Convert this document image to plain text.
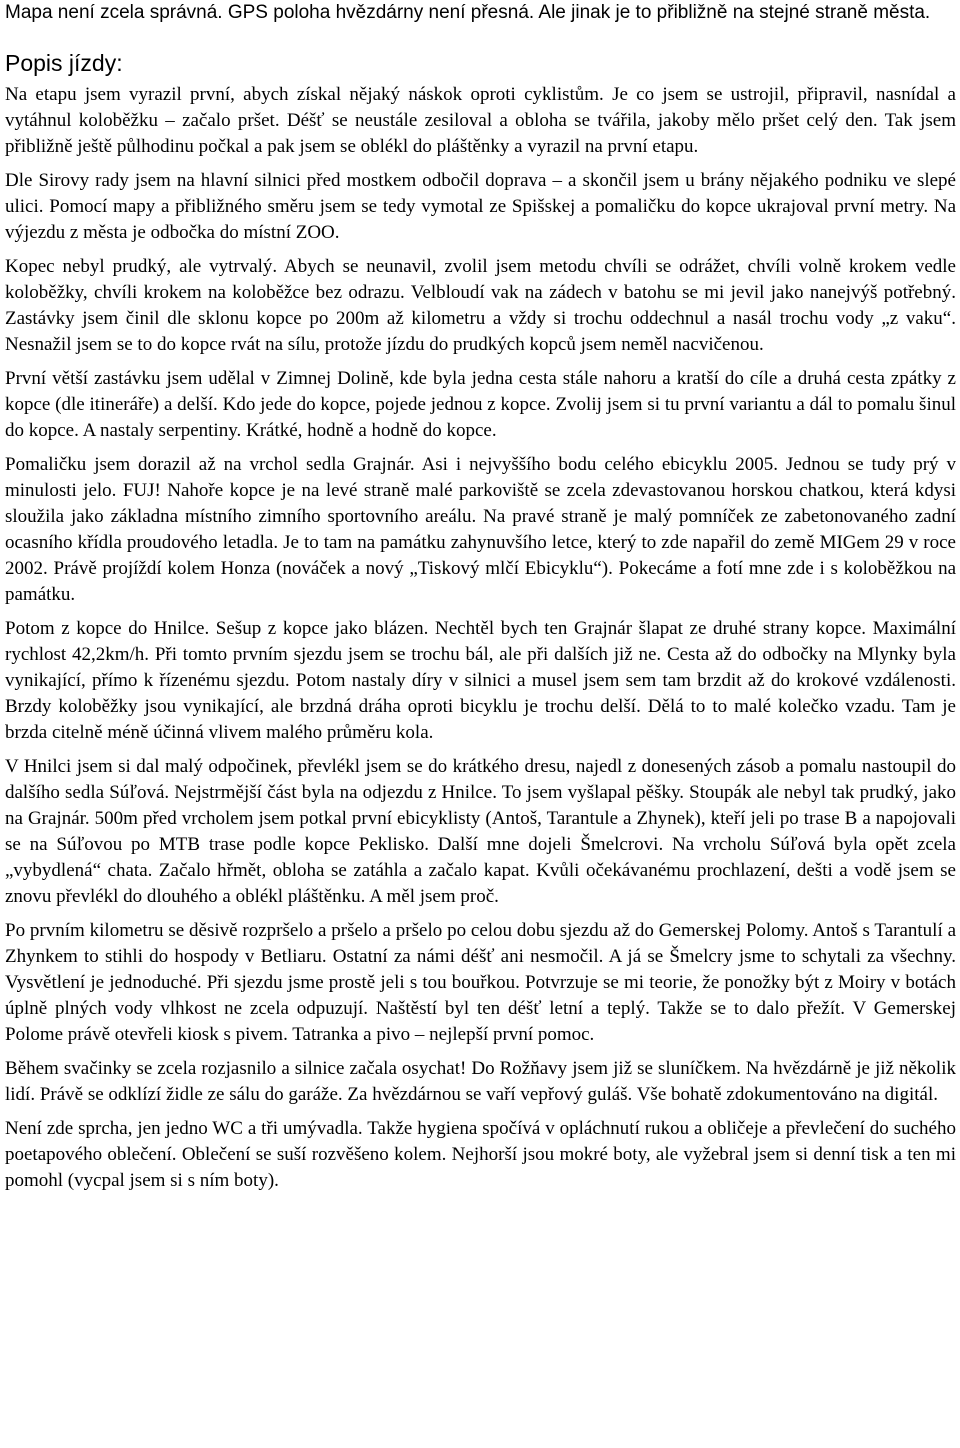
Mapa není zcela správná. GPS poloha hvězdárny není přesná. Ale jinak je to přibližně na stejné straně města.

Popis jízdy:

Na etapu jsem vyrazil první, abych získal nějaký náskok oproti cyklistům. Je co jsem se ustrojil, připravil, nasnídal a vytáhnul koloběžku – začalo pršet. Déšť se neustále zesiloval a obloha se tvářila, jakoby mělo pršet celý den. Tak jsem přibližně ještě půlhodinu počkal a pak jsem se oblékl do pláštěnky a vyrazil na první etapu.

Dle Sirovy rady jsem na hlavní silnici před mostkem odbočil doprava – a skončil jsem u brány nějakého podniku ve slepé ulici. Pomocí mapy a přibližného směru jsem se tedy vymotal ze Spišskej a pomaličku do kopce ukrajoval první metry. Na výjezdu z města je odbočka do místní ZOO.

Kopec nebyl prudký, ale vytrvalý. Abych se neunavil, zvolil jsem metodu chvíli se odrážet, chvíli volně krokem vedle koloběžky, chvíli krokem na koloběžce bez odrazu. Velbloudí vak na zádech v batohu se mi jevil jako nanejvýš potřebný. Zastávky jsem činil dle sklonu kopce po 200m až kilometru a vždy si trochu oddechnul a nasál trochu vody „z vaku“. Nesnažil jsem se to do kopce rvát na sílu, protože jízdu do prudkých kopců jsem neměl nacvičenou.

První větší zastávku jsem udělal v Zimnej Dolině, kde byla jedna cesta stále nahoru a kratší do cíle a druhá cesta zpátky z kopce (dle itineráře) a delší. Kdo jede do kopce, pojede jednou z kopce. Zvolij jsem si tu první variantu a dál to pomalu šinul do kopce. A nastaly serpentiny. Krátké, hodně a hodně do kopce.

Pomaličku jsem dorazil až na vrchol sedla Grajnár. Asi i nejvyššího bodu celého ebicyklu 2005. Jednou se tudy prý v minulosti jelo. FUJ! Nahoře kopce je na levé straně malé parkoviště se zcela zdevastovanou horskou chatkou, která kdysi sloužila jako základna místního zimního sportovního areálu. Na pravé straně je malý pomníček ze zabetonovaného zadní ocasního křídla proudového letadla. Je to tam na památku zahynuvšího letce, který to zde napařil do země MIGem 29 v roce 2002. Právě projíždí kolem Honza (nováček a nový „Tiskový mlčí Ebicyklu“). Pokecáme a fotí mne zde i s koloběžkou na památku.

Potom z kopce do Hnilce. Sešup z kopce jako blázen. Nechtěl bych ten Grajnár šlapat ze druhé strany kopce. Maximální rychlost 42,2km/h. Při tomto prvním sjezdu jsem se trochu bál, ale při dalších již ne. Cesta až do odbočky na Mlynky byla vynikající, přímo k řízenému sjezdu. Potom nastaly díry v silnici a musel jsem sem tam brzdit až do krokové vzdálenosti. Brzdy koloběžky jsou vynikající, ale brzdná dráha oproti bicyklu je trochu delší. Dělá to to malé kolečko vzadu. Tam je brzda citelně méně účinná vlivem malého průměru kola.

V Hnilci jsem si dal malý odpočinek, převlékl jsem se do krátkého dresu, najedl z donesených zásob a pomalu nastoupil do dalšího sedla Súľová. Nejstrmější část byla na odjezdu z Hnilce. To jsem vyšlapal pěšky. Stoupák ale nebyl tak prudký, jako na Grajnár. 500m před vrcholem jsem potkal první ebicyklisty (Antoš, Tarantule a Zhynek), kteří jeli po trase B a napojovali se na Súľovou po MTB trase podle kopce Peklisko. Další mne dojeli Šmelcrovi. Na vrcholu Súľová byla opět zcela „vybydlená“ chata. Začalo hřmět, obloha se zatáhla a začalo kapat. Kvůli očekávanému prochlazení, dešti a vodě jsem se znovu převlékl do dlouhého a oblékl pláštěnku. A měl jsem proč.

Po prvním kilometru se děsivě rozpršelo a pršelo a pršelo po celou dobu sjezdu až do Gemerskej Polomy. Antoš s Tarantulí a Zhynkem to stihli do hospody v Betliaru. Ostatní za námi déšť ani nesmočil. A já se Šmelcry jsme to schytali za všechny. Vysvětlení je jednoduché. Při sjezdu jsme prostě jeli s tou bouřkou. Potvrzuje se mi teorie, že ponožky být z Moiry v botách úplně plných vody vlhkost ne zcela odpuzují. Naštěstí byl ten déšť letní a teplý. Takže se to dalo přežít. V Gemerskej Polome právě otevřeli kiosk s pivem. Tatranka a pivo – nejlepší první pomoc.

Během svačinky se zcela rozjasnilo a silnice začala osychat! Do Rožňavy jsem již se sluníčkem. Na hvězdárně je již několik lidí. Právě se odklízí židle ze sálu do garáže. Za hvězdárnou se vaří vepřový guláš. Vše bohatě zdokumentováno na digitál.

Není zde sprcha, jen jedno WC a tři umývadla. Takže hygiena spočívá v opláchnutí rukou a obličeje a převlečení do suchého poetapového oblečení. Oblečení se suší rozvěšeno kolem. Nejhorší jsou mokré boty, ale vyžebral jsem si denní tisk a ten mi pomohl (vycpal jsem si s ním boty).
